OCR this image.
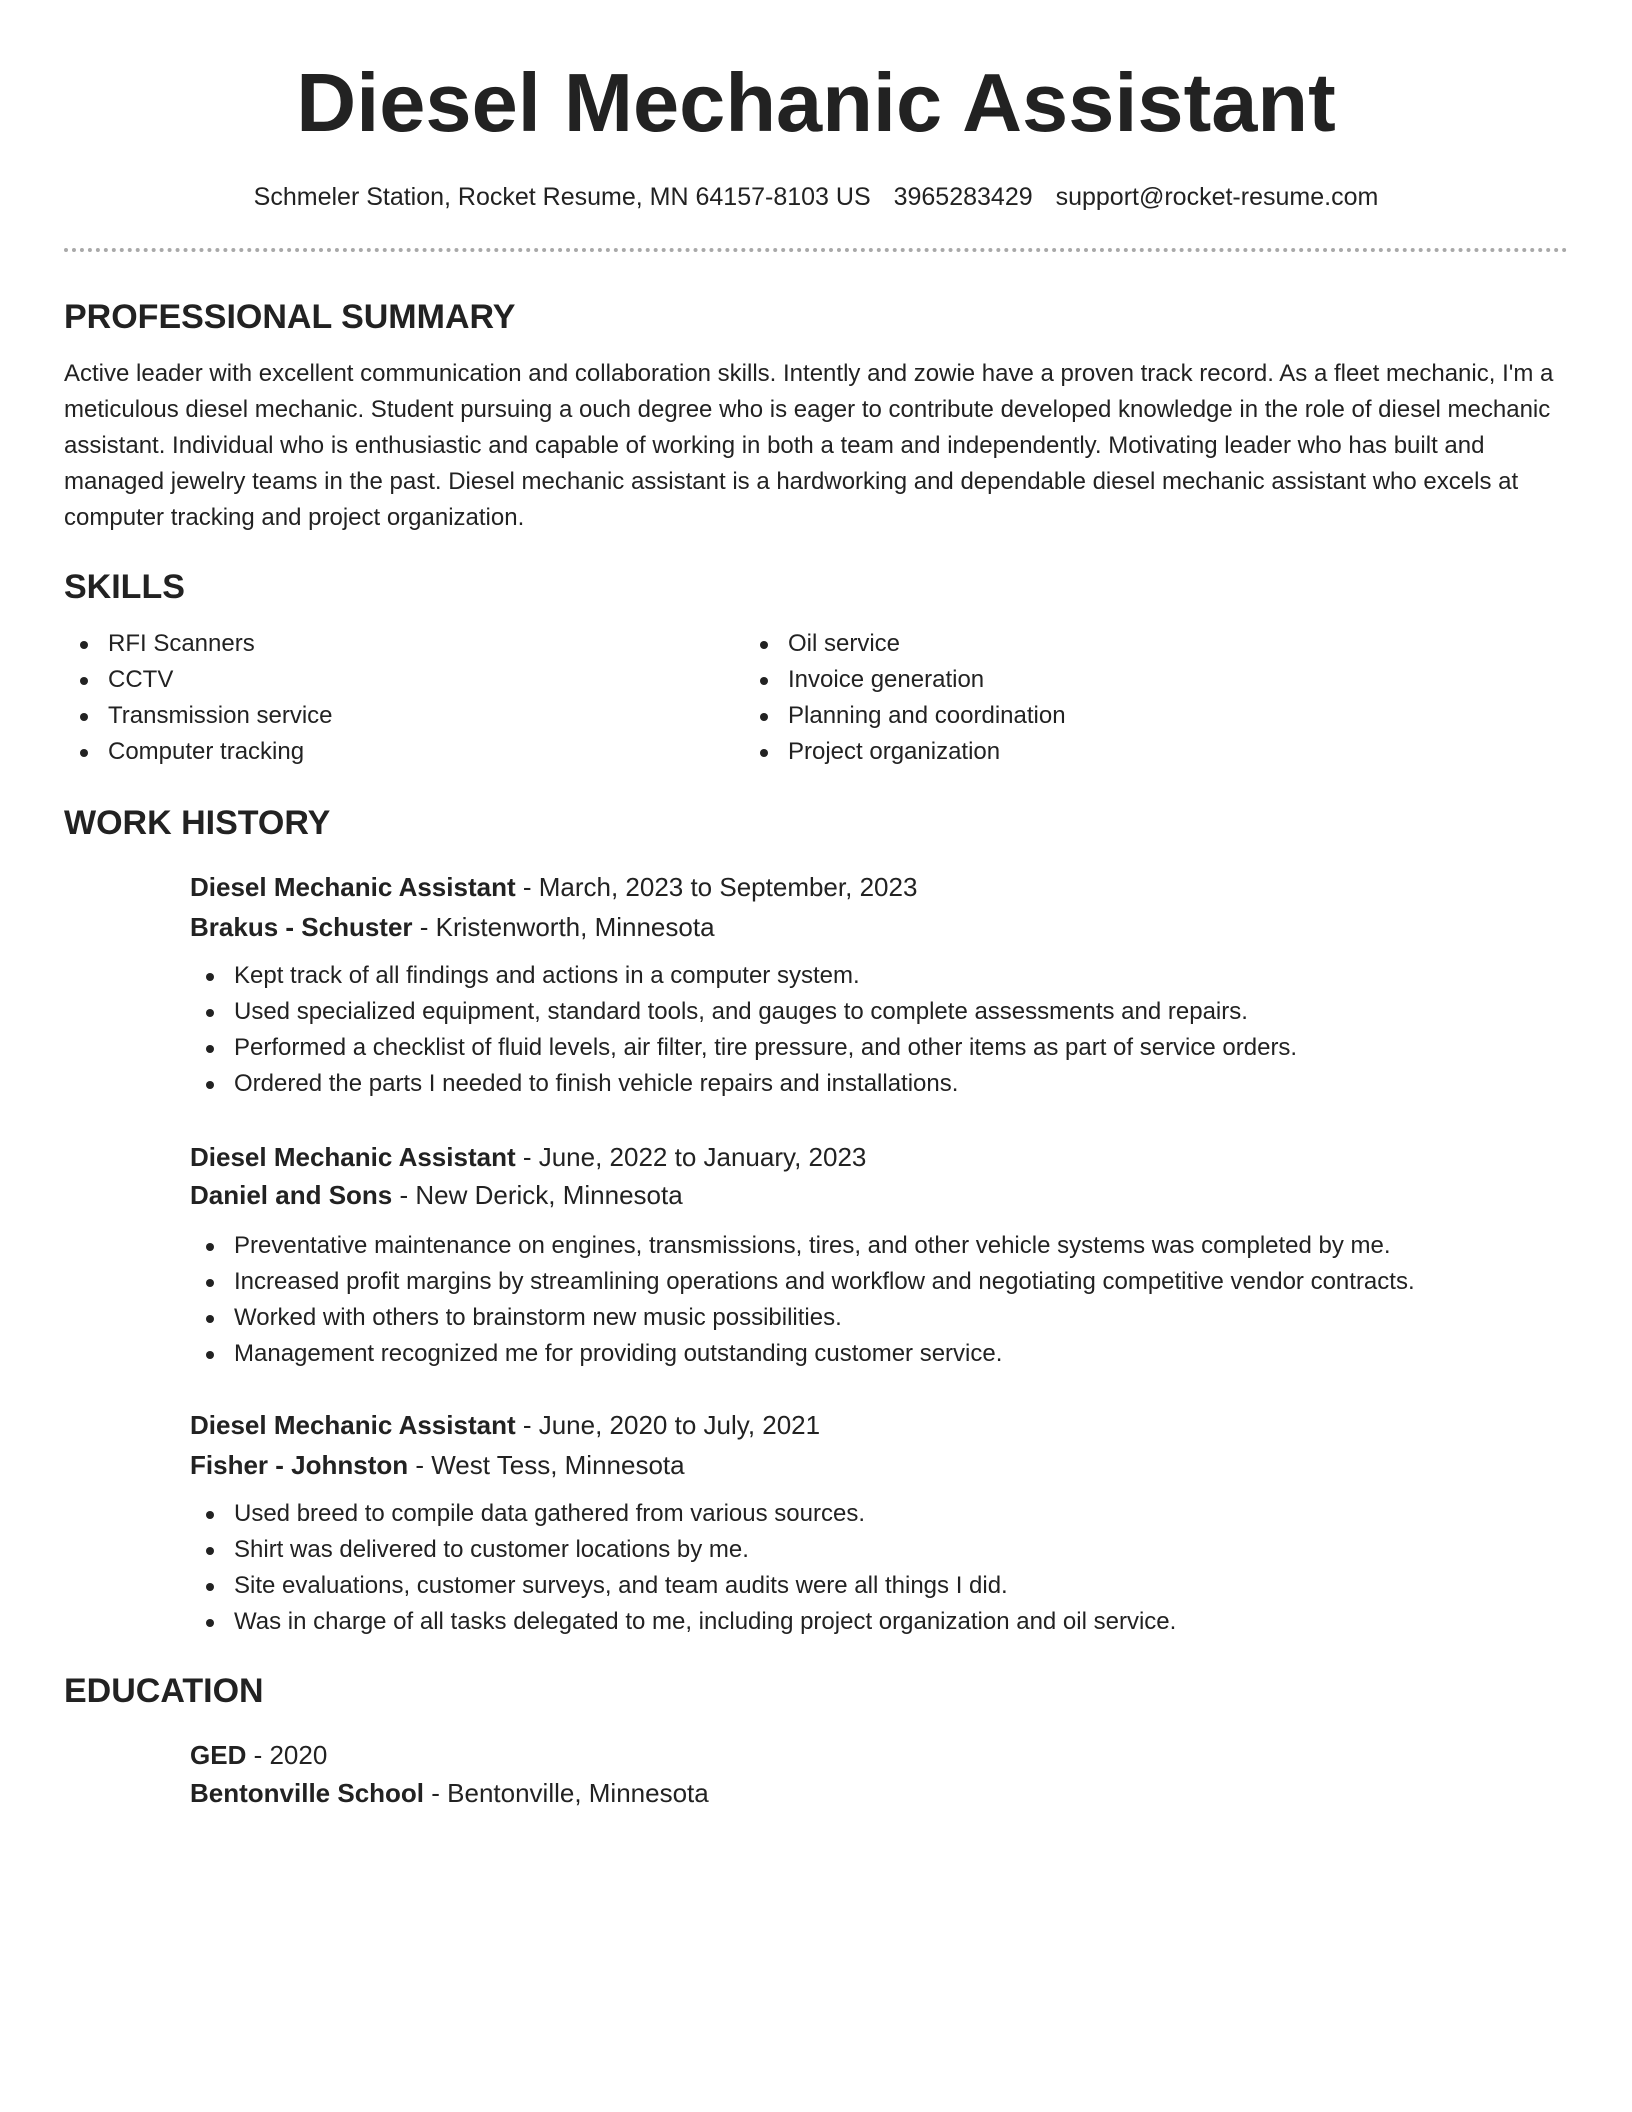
Diesel Mechanic Assistant
Schmeler Station, Rocket Resume, MN 64157-8103 US 3965283429 support@rocket-resume.com
PROFESSIONAL SUMMARY

Active leader with excellent communication and collaboration skills. Intently and zowie have a proven track record. As a fleet mechanic, I'm a meticulous diesel mechanic. Student pursuing a ouch degree who is eager to contribute developed knowledge in the role of diesel mechanic assistant. Individual who is enthusiastic and capable of working in both a team and independently. Motivating leader who has built and managed jewelry teams in the past. Diesel mechanic assistant is a hardworking and dependable diesel mechanic assistant who excels at computer tracking and project organization.

SKILLS
RFI Scanners
CCTV
Transmission service
Computer tracking
Oil service
Invoice generation
Planning and coordination
Project organization
WORK HISTORY
Diesel Mechanic Assistant - March, 2023 to September, 2023
Brakus - Schuster - Kristenworth, Minnesota
Kept track of all findings and actions in a computer system.
Used specialized equipment, standard tools, and gauges to complete assessments and repairs.
Performed a checklist of fluid levels, air filter, tire pressure, and other items as part of service orders.
Ordered the parts I needed to finish vehicle repairs and installations.
Diesel Mechanic Assistant - June, 2022 to January, 2023
Daniel and Sons - New Derick, Minnesota
Preventative maintenance on engines, transmissions, tires, and other vehicle systems was completed by me.
Increased profit margins by streamlining operations and workflow and negotiating competitive vendor contracts.
Worked with others to brainstorm new music possibilities.
Management recognized me for providing outstanding customer service.
Diesel Mechanic Assistant - June, 2020 to July, 2021
Fisher - Johnston - West Tess, Minnesota
Used breed to compile data gathered from various sources.
Shirt was delivered to customer locations by me.
Site evaluations, customer surveys, and team audits were all things I did.
Was in charge of all tasks delegated to me, including project organization and oil service.
EDUCATION
GED - 2020
Bentonville School - Bentonville, Minnesota
